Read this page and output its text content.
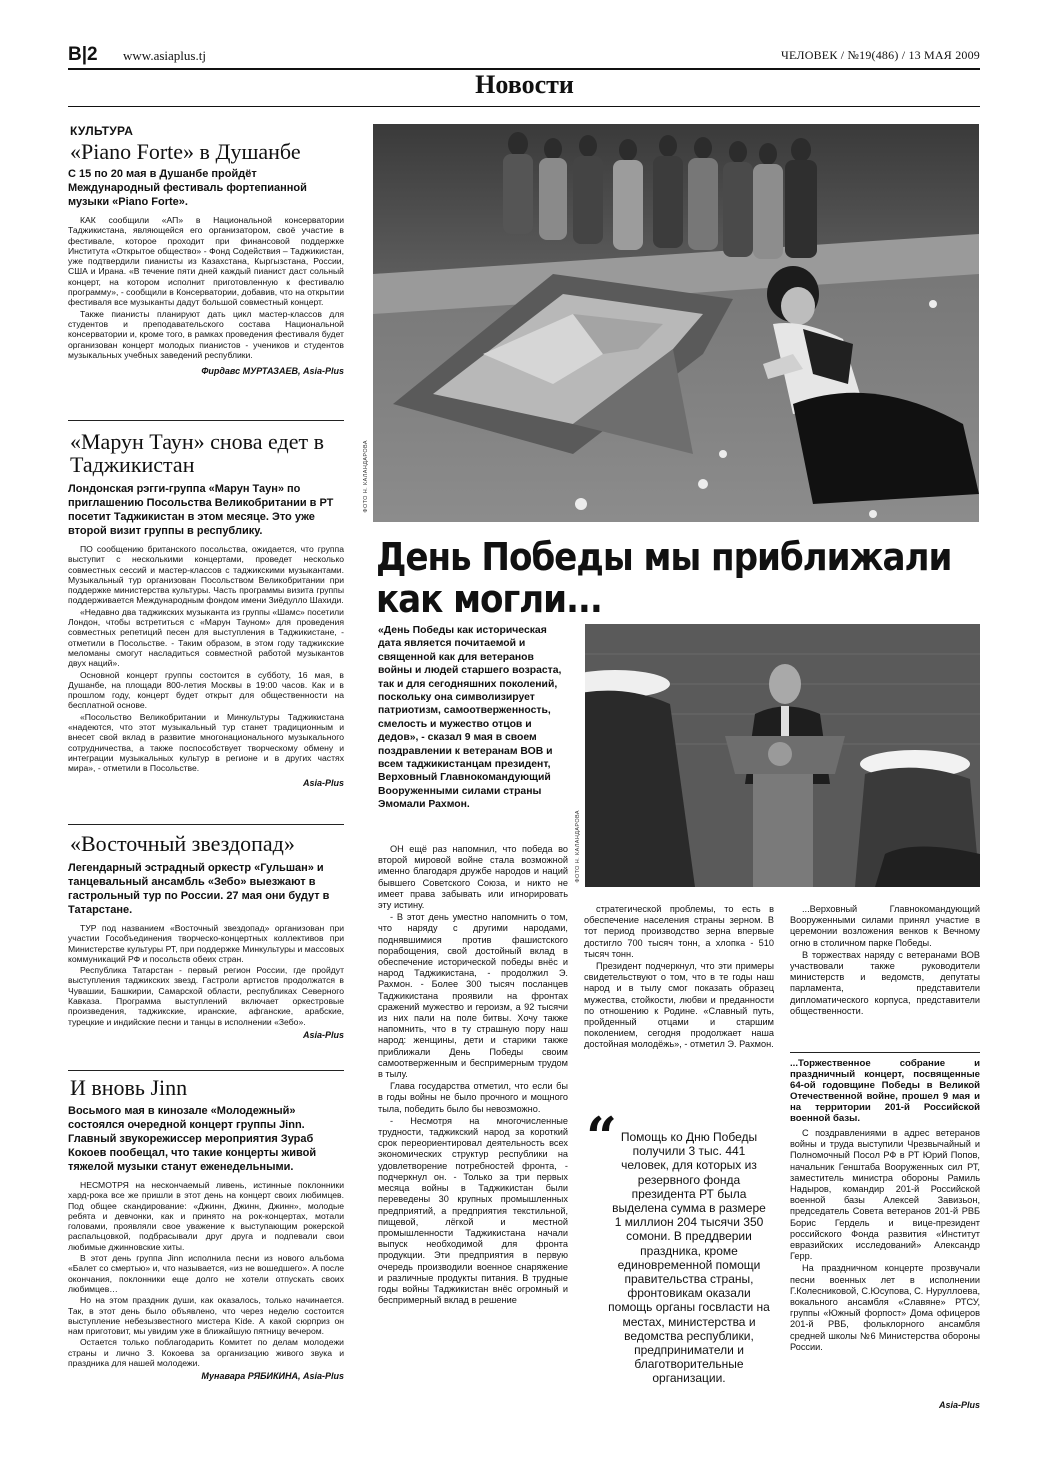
В|2 www.asiaplus.tj	ЧЕЛОВЕК / №19(486) / 13 МАЯ 2009
Новости
КУЛЬТУРА
«Piano Forte» в Душанбе
С 15 по 20 мая в Душанбе пройдёт Международный фестиваль фортепианной музыки «Piano Forte».

КАК сообщили «АП» в Национальной консерватории Таджикистана, являющейся его организатором, своё участие в фестивале, которое проходит при финансовой поддержке Института «Открытое общество» - Фонд Содействия – Таджикистан, уже подтвердили пианисты из Казахстана, Кыргызстана, России, США и Ирана. «В течение пяти дней каждый пианист даст сольный концерт, на котором исполнит приготовленную к фестивалю программу», - сообщили в Консерватории, добавив, что на открытии фестиваля все музыканты дадут большой совместный концерт.

Также пианисты планируют дать цикл мастер-классов для студентов и преподавательского состава Национальной консерватории и, кроме того, в рамках проведения фестиваля будет организован концерт молодых пианистов - учеников и студентов музыкальных учебных заведений республики.

Фирдавс МУРТАЗАЕВ, Asia-Plus
«Марун Таун» снова едет в Таджикистан
Лондонская рэгги-группа «Марун Таун» по приглашению Посольства Великобритании в РТ посетит Таджикистан в этом месяце. Это уже второй визит группы в республику.

ПО сообщению британского посольства, ожидается, что группа выступит с несколькими концертами, проведет несколько совместных сессий и мастер-классов с таджикскими музыкантами. Музыкальный тур организован Посольством Великобритании при поддержке министерства культуры. Часть программы визита группы поддерживается Международным фондом имени Зиёдулло Шахиди.

«Недавно два таджикских музыканта из группы «Шамс» посетили Лондон, чтобы встретиться с «Марун Тауном» для проведения совместных репетиций песен для выступления в Таджикистане, - отметили в Посольстве. - Таким образом, в этом году таджикские меломаны смогут насладиться совместной работой музыкантов двух наций».

Основной концерт группы состоится в субботу, 16 мая, в Душанбе, на площади 800-летия Москвы в 19:00 часов. Как и в прошлом году, концерт будет открыт для общественности на бесплатной основе.

«Посольство Великобритании и Минкультуры Таджикистана «надеются, что этот музыкальный тур станет традиционным и внесет свой вклад в развитие многонационального музыкального сотрудничества, а также поспособствует творческому обмену и интеграции музыкальных культур в регионе и в других частях мира», - отметили в Посольстве.

Asia-Plus
«Восточный звездопад»
Легендарный эстрадный оркестр «Гульшан» и танцевальный ансамбль «Зебо» выезжают в гастрольный тур по России. 27 мая они будут в Татарстане.

ТУР под названием «Восточный звездопад» организован при участии Гособъединения творческо-концертных коллективов при Министерстве культуры РТ, при поддержке Минкультуры и массовых коммуникаций РФ и посольств обеих стран.

Республика Татарстан - первый регион России, где пройдут выступления таджикских звезд. Гастроли артистов продолжатся в Чувашии, Башкирии, Самарской области, республиках Северного Кавказа. Программа выступлений включает оркестровые произведения, таджикские, иранские, афганские, арабские, турецкие и индийские песни и танцы в исполнении «Зебо».

Asia-Plus
И вновь Jinn
Восьмого мая в кинозале «Молодежный» состоялся очередной концерт группы Jinn. Главный звукорежиссер мероприятия Зураб Кокоев пообещал, что такие концерты живой тяжелой музыки станут еженедельными.

НЕСМОТРЯ на нескончаемый ливень, истинные поклонники хард-рока все же пришли в этот день на концерт своих любимцев. Под общее скандирование: «Джинн, Джинн, Джинн», молодые ребята и девчонки, как и принято на рок-концертах, мотали головами, проявляли свое уважение к выступающим рокерской распальцовкой, подбрасывали друг друга и подпевали свои любимые джинновские хиты.

В этот день группа Jinn исполнила песни из нового альбома «Балет со смертью» и, что называется, «из не вошедшего». А после окончания, поклонники еще долго не хотели отпускать своих любимцев…

Но на этом праздник души, как оказалось, только начинается. Так, в этот день было объявлено, что через неделю состоится выступление небезызвестного мистера Kide. А какой сюрприз он нам приготовит, мы увидим уже в ближайшую пятницу вечером.

Остается только поблагодарить Комитет по делам молодежи страны и лично З. Кокоева за организацию живого звука и праздника для нашей молодежи.

Мунавара РЯБИКИНА, Asia-Plus
ФОТО Н. КАЛАНДАРОВА
День Победы мы приближали
как могли...
«День Победы как историческая дата является почитаемой и священной как для ветеранов войны и людей старшего возраста, так и для сегодняшних поколений, поскольку она символизирует патриотизм, самоотверженность, смелость и мужество отцов и дедов», - сказал 9 мая в своем поздравлении к ветеранам ВОВ и всем таджикистанцам президент, Верховный Главнокомандующий Вооруженными силами страны Эмомали Рахмон.
ФОТО Н. КАЛАНДАРОВА

ОН ещё раз напомнил, что победа во второй мировой войне стала возможной именно благодаря дружбе народов и наций бывшего Советского Союза, и никто не имеет права забывать или игнорировать эту истину.

- В этот день уместно напомнить о том, что наряду с другими народами, поднявшимися против фашистского порабощения, свой достойный вклад в обеспечение исторической победы внёс и народ Таджикистана, - продолжил Э. Рахмон. - Более 300 тысяч посланцев Таджикистана проявили на фронтах сражений мужество и героизм, а 92 тысячи из них пали на поле битвы. Хочу также напомнить, что в ту страшную пору наш народ: женщины, дети и старики также приближали День Победы своим самоотверженным и беспримерным трудом в тылу.

Глава государства отметил, что если бы в годы войны не было прочного и мощного тыла, победить было бы невозможно.

- Несмотря на многочисленные трудности, таджикский народ за короткий срок переориентировал деятельность всех экономических структур республики на удовлетворение потребностей фронта, - подчеркнул он. - Только за три первых месяца войны в Таджикистан были переведены 30 крупных промышленных предприятий, а предприятия текстильной, пищевой, лёгкой и местной промышленности Таджикистана начали выпуск необходимой для фронта продукции. Эти предприятия в первую очередь производили военное снаряжение и различные продукты питания. В трудные годы войны Таджикистан внёс огромный и беспримерный вклад в решение

стратегической проблемы, то есть в обеспечение населения страны зерном. В тот период производство зерна впервые достигло 700 тысяч тонн, а хлопка - 510 тысяч тонн.

Президент подчеркнул, что эти примеры свидетельствуют о том, что в те годы наш народ и в тылу смог показать образец мужества, стойкости, любви и преданности по отношению к Родине. «Славный путь, пройденный отцами и старшим поколением, сегодня продолжает наша достойная молодёжь», - отметил Э. Рахмон.

“ Помощь ко Дню Победы получили 3 тыс. 441 человек, для которых из резервного фонда президента РТ была выделена сумма в размере 1 миллион 204 тысячи 350 сомони. В преддверии праздника, кроме единовременной помощи правительства страны, фронтовикам оказали помощь органы госвласти на местах, министерства и ведомства республики, предприниматели и благотворительные организации.

...Верховный Главнокомандующий Вооруженными силами принял участие в церемонии возложения венков к Вечному огню в столичном парке Победы.

В торжествах наряду с ветеранами ВОВ участвовали также руководители министерств и ведомств, депутаты парламента, представители дипломатического корпуса, представители общественности.

...Торжественное собрание и праздничный концерт, посвященные 64-ой годовщине Победы в Великой Отечественной войне, прошел 9 мая и на территории 201-й Российской военной базы.

С поздравлениями в адрес ветеранов войны и труда выступили Чрезвычайный и Полномочный Посол РФ в РТ Юрий Попов, начальник Генштаба Вооруженных сил РТ, заместитель министра обороны Рамиль Надыров, командир 201-й Российской военной базы Алексей Завизьон, председатель Совета ветеранов 201-й РВБ Борис Гердель и вице-президент российского Фонда развития «Институт евразийских исследований» Александр Герр.

На праздничном концерте прозвучали песни военных лет в исполнении Г.Колесниковой, С.Юсупова, С. Нуруллоева, вокального ансамбля «Славяне» РТСУ, группы «Южный форпост» Дома офицеров 201-й РВБ, фольклорного ансамбля средней школы №6 Министерства обороны России.

Asia-Plus
